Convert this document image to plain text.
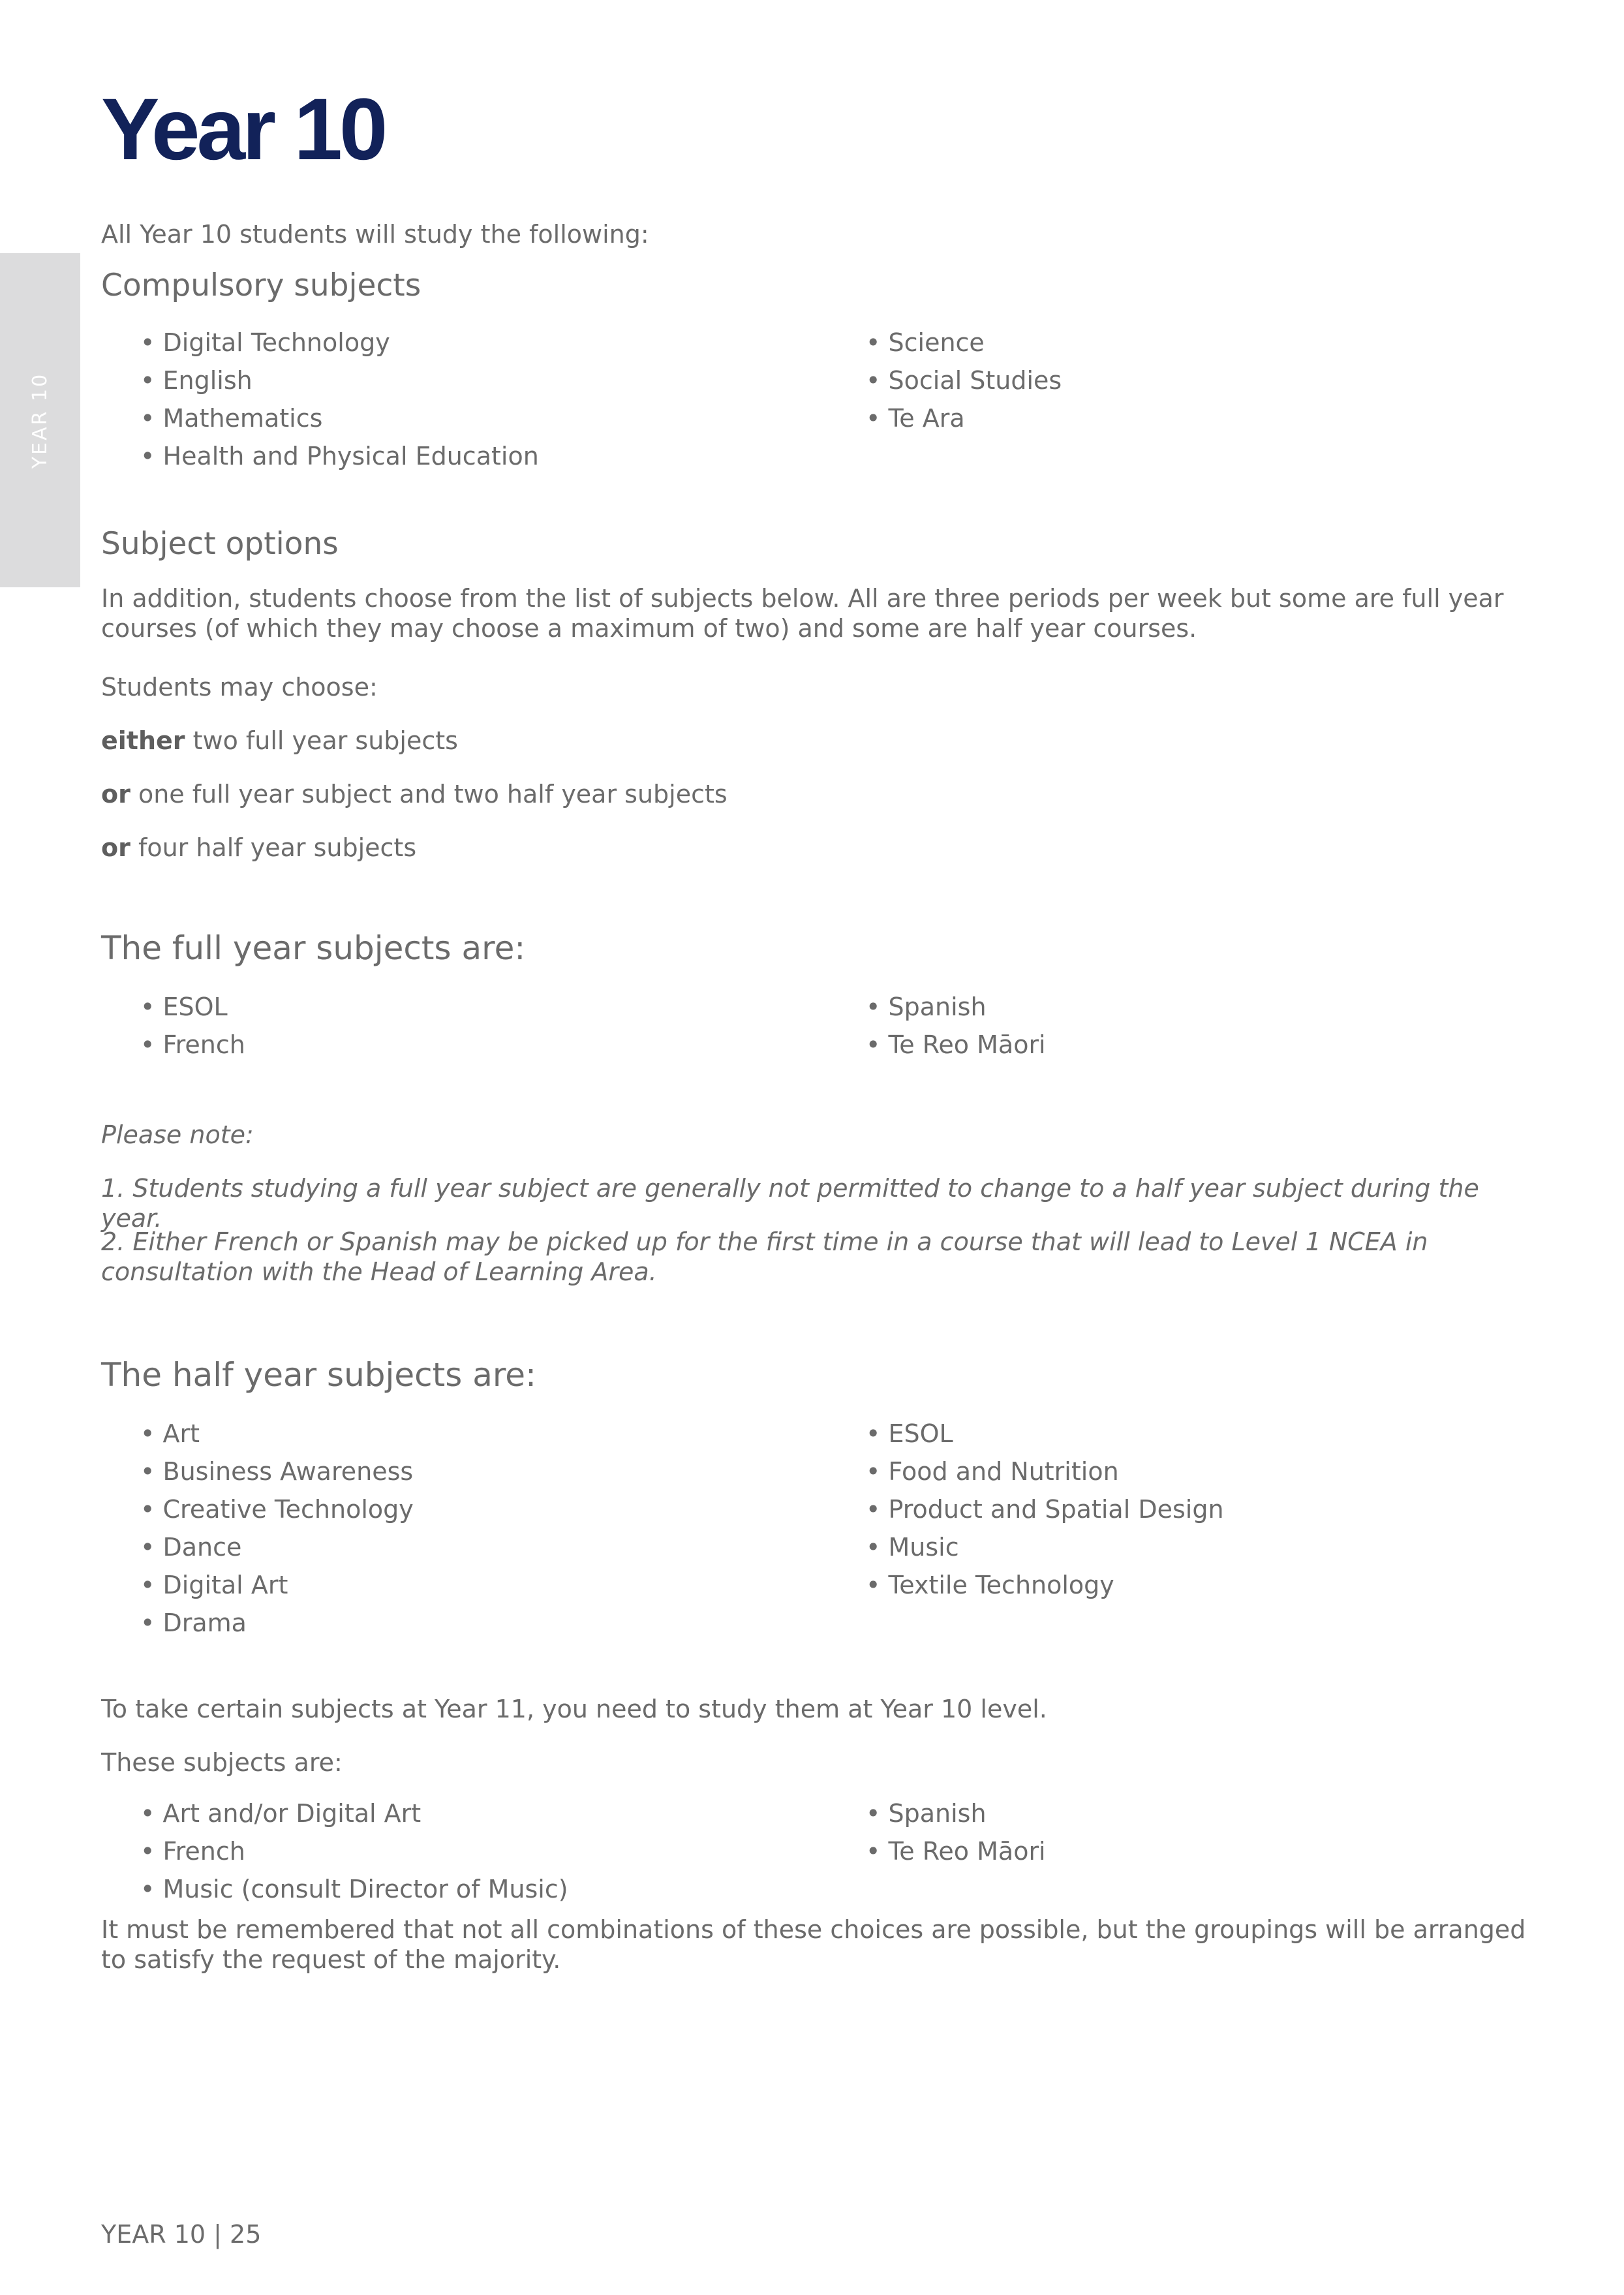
YEAR 10
Year 10

All Year 10 students will study the following:

Compulsory subjects
• Digital Technology
• English
• Mathematics
• Health and Physical Education
• Science
• Social Studies
• Te Ara
Subject options

In addition, students choose from the list of subjects below. All are three periods per week but some are full year courses (of which they may choose a maximum of two) and some are half year courses.

Students may choose:

either two full year subjects

or one full year subject and two half year subjects

or four half year subjects

The full year subjects are:
• ESOL
• French
• Spanish
• Te Reo Māori

Please note:

1. Students studying a full year subject are generally not permitted to change to a half year subject during the year.

2. Either French or Spanish may be picked up for the first time in a course that will lead to Level 1 NCEA in consultation with the Head of Learning Area.

The half year subjects are:
• Art
• Business Awareness
• Creative Technology
• Dance
• Digital Art
• Drama
• ESOL
• Food and Nutrition
• Product and Spatial Design
• Music
• Textile Technology

To take certain subjects at Year 11, you need to study them at Year 10 level.

These subjects are:

• Art and/or Digital Art
• French
• Music (consult Director of Music)
• Spanish
• Te Reo Māori

It must be remembered that not all combinations of these choices are possible, but the groupings will be arranged to satisfy the request of the majority.

YEAR 10 | 25
